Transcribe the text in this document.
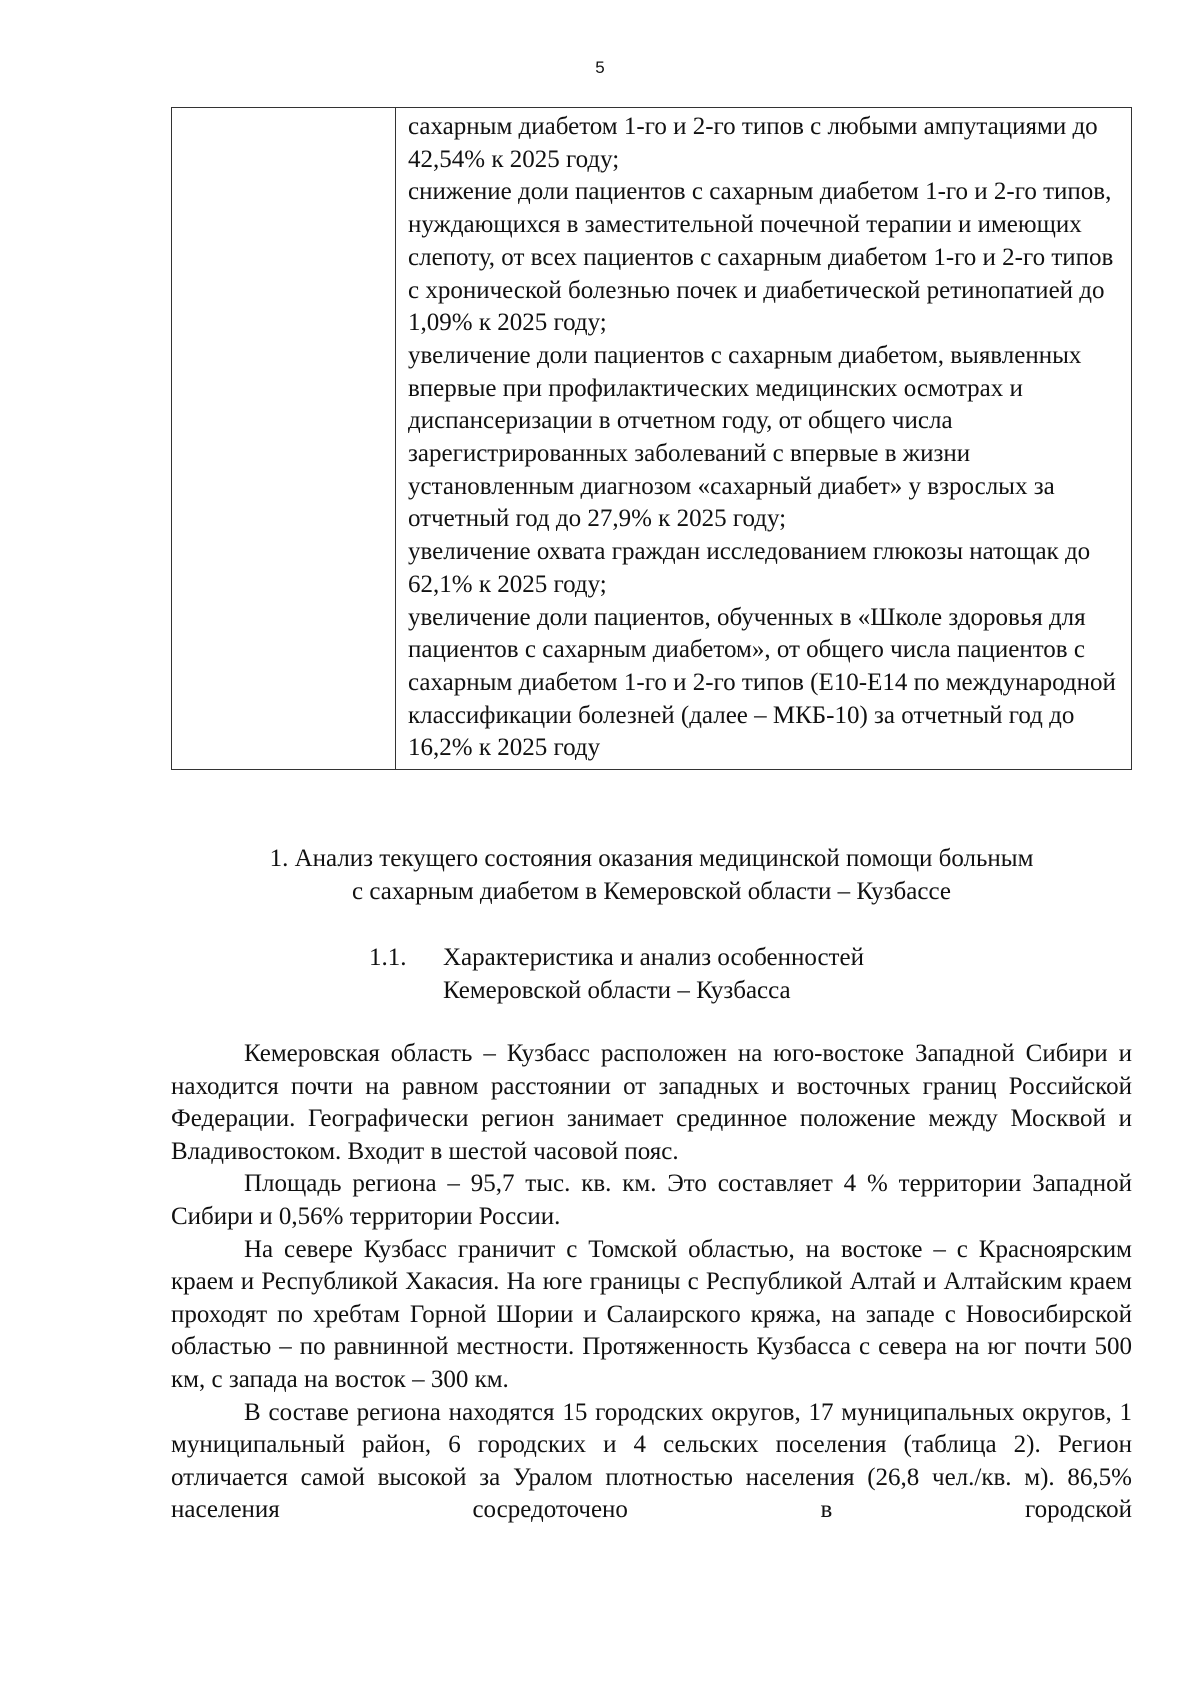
5

сахарным диабетом 1-го и 2-го типов с любыми ампутациями до 42,54% к 2025 году;

снижение доли пациентов с сахарным диабетом 1-го и 2-го типов, нуждающихся в заместительной почечной терапии и имеющих слепоту, от всех пациентов с сахарным диабетом 1-го и 2-го типов с хронической болезнью почек и диабетической ретинопатией до 1,09% к 2025 году;

увеличение доли пациентов с сахарным диабетом, выявленных впервые при профилактических медицинских осмотрах и диспансеризации в отчетном году, от общего числа зарегистрированных заболеваний с впервые в жизни установленным диагнозом «сахарный диабет» у взрослых за отчетный год до 27,9% к 2025 году;

увеличение охвата граждан исследованием глюкозы натощак до 62,1% к 2025 году;

увеличение доли пациентов, обученных в «Школе здоровья для пациентов с сахарным диабетом», от общего числа пациентов с сахарным диабетом 1-го и 2-го типов (Е10-Е14 по международной классификации болезней (далее – МКБ-10) за отчетный год до 16,2% к 2025 году

1. Анализ текущего состояния оказания медицинской помощи больным

с сахарным диабетом в Кемеровской области – Кузбассе

1.1.	Характеристика и анализ особенностей
Кемеровской области – Кузбасса

Кемеровская область – Кузбасс расположен на юго-востоке Западной Сибири и находится почти на равном расстоянии от западных и восточных границ Российской Федерации. Географически регион занимает срединное положение между Москвой и Владивостоком. Входит в шестой часовой пояс.

Площадь региона – 95,7 тыс. кв. км. Это составляет 4 % территории Западной Сибири и 0,56% территории России.

На севере Кузбасс граничит с Томской областью, на востоке – с Красноярским краем и Республикой Хакасия. На юге границы с Республикой Алтай и Алтайским краем проходят по хребтам Горной Шории и Салаирского кряжа, на западе с Новосибирской областью – по равнинной местности. Протяженность Кузбасса с севера на юг почти 500 км, с запада на восток – 300 км.

В составе региона находятся 15 городских округов, 17 муниципальных округов, 1 муниципальный район, 6 городских и 4 сельских поселения (таблица 2). Регион отличается самой высокой за Уралом плотностью населения (26,8 чел./кв. м). 86,5% населения сосредоточено в городской
